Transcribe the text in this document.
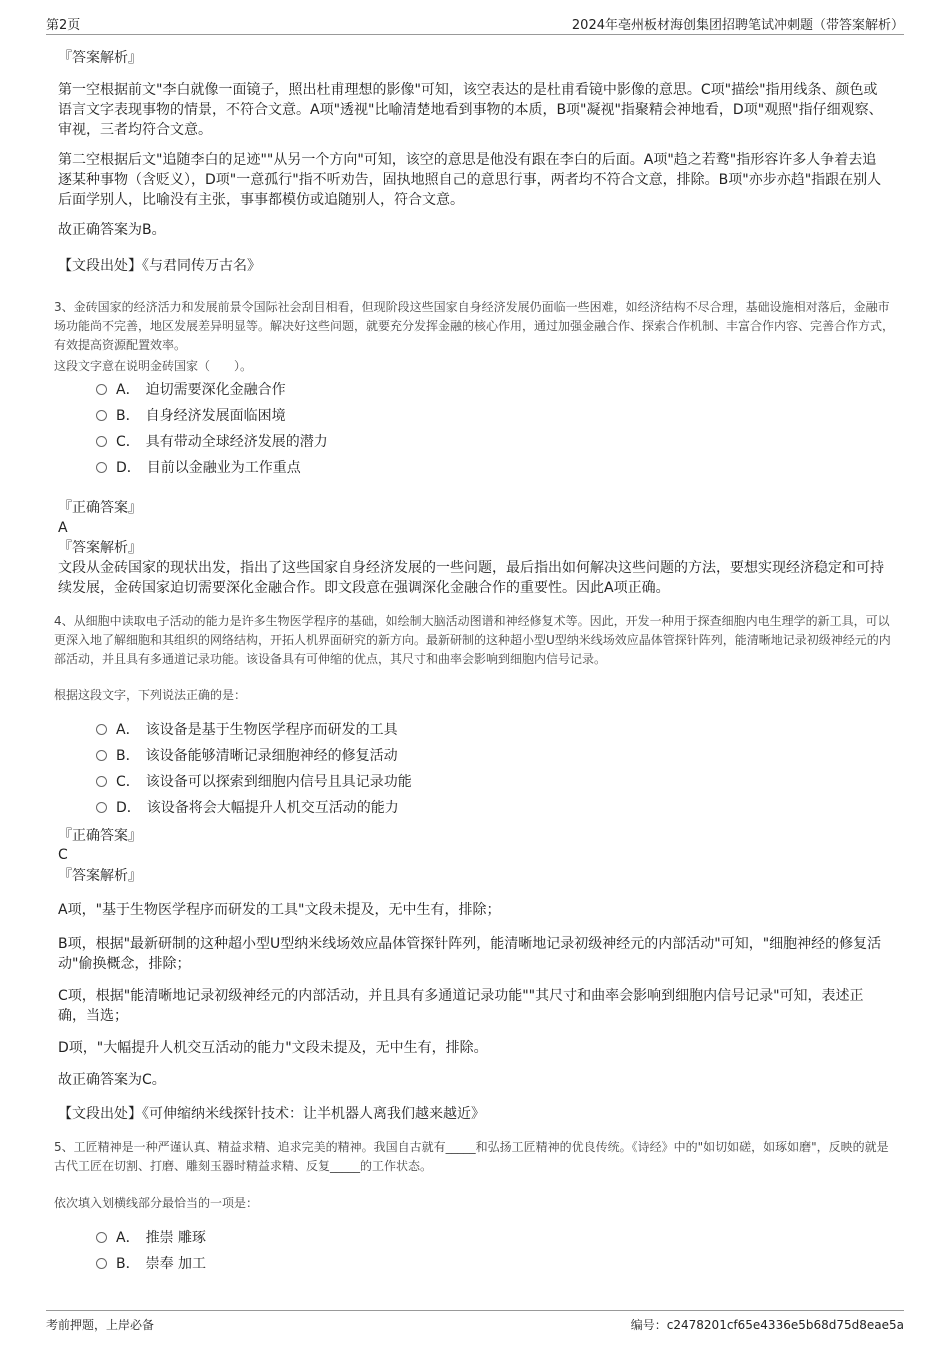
第2页	2024年亳州板材海创集团招聘笔试冲刺题（带答案解析）
『答案解析』
第一空根据前文"李白就像一面镜子，照出杜甫理想的影像"可知，该空表达的是杜甫看镜中影像的意思。C项"描绘"指用线条、颜色或语言文字表现事物的情景，不符合文意。A项"透视"比喻清楚地看到事物的本质，B项"凝视"指聚精会神地看，D项"观照"指仔细观察、审视，三者均符合文意。
第二空根据后文"追随李白的足迹""从另一个方向"可知，该空的意思是他没有跟在李白的后面。A项"趋之若鹜"指形容许多人争着去追逐某种事物（含贬义），D项"一意孤行"指不听劝告，固执地照自己的意思行事，两者均不符合文意，排除。B项"亦步亦趋"指跟在别人后面学别人，比喻没有主张，事事都模仿或追随别人，符合文意。
故正确答案为B。
【文段出处】《与君同传万古名》
3、金砖国家的经济活力和发展前景令国际社会刮目相看，但现阶段这些国家自身经济发展仍面临一些困难，如经济结构不尽合理，基础设施相对落后，金融市场功能尚不完善，地区发展差异明显等。解决好这些问题，就要充分发挥金融的核心作用，通过加强金融合作、探索合作机制、丰富合作内容、完善合作方式，有效提高资源配置效率。
这段文字意在说明金砖国家（　　）。
A． 迫切需要深化金融合作
B． 自身经济发展面临困境
C． 具有带动全球经济发展的潜力
D． 目前以金融业为工作重点
『正确答案』
A
『答案解析』
文段从金砖国家的现状出发，指出了这些国家自身经济发展的一些问题，最后指出如何解决这些问题的方法，要想实现经济稳定和可持续发展，金砖国家迫切需要深化金融合作。即文段意在强调深化金融合作的重要性。因此A项正确。
4、从细胞中读取电子活动的能力是许多生物医学程序的基础，如绘制大脑活动图谱和神经修复术等。因此，开发一种用于探查细胞内电生理学的新工具，可以更深入地了解细胞和其组织的网络结构，开拓人机界面研究的新方向。最新研制的这种超小型U型纳米线场效应晶体管探针阵列，能清晰地记录初级神经元的内部活动，并且具有多通道记录功能。该设备具有可伸缩的优点，其尺寸和曲率会影响到细胞内信号记录。
根据这段文字，下列说法正确的是：
A． 该设备是基于生物医学程序而研发的工具
B． 该设备能够清晰记录细胞神经的修复活动
C． 该设备可以探索到细胞内信号且具记录功能
D． 该设备将会大幅提升人机交互活动的能力
『正确答案』
C
『答案解析』
A项，"基于生物医学程序而研发的工具"文段未提及，无中生有，排除；
B项，根据"最新研制的这种超小型U型纳米线场效应晶体管探针阵列，能清晰地记录初级神经元的内部活动"可知，"细胞神经的修复活动"偷换概念，排除；
C项，根据"能清晰地记录初级神经元的内部活动，并且具有多通道记录功能""其尺寸和曲率会影响到细胞内信号记录"可知，表述正确，当选；
D项，"大幅提升人机交互活动的能力"文段未提及，无中生有，排除。
故正确答案为C。
【文段出处】《可伸缩纳米线探针技术：让半机器人离我们越来越近》
5、工匠精神是一种严谨认真、精益求精、追求完美的精神。我国自古就有_____和弘扬工匠精神的优良传统。《诗经》中的"如切如磋，如琢如磨"，反映的就是古代工匠在切割、打磨、雕刻玉器时精益求精、反复_____的工作状态。
依次填入划横线部分最恰当的一项是：
A． 推崇 雕琢
B． 崇奉 加工
考前押题，上岸必备	编号：c2478201cf65e4336e5b68d75d8eae5a
